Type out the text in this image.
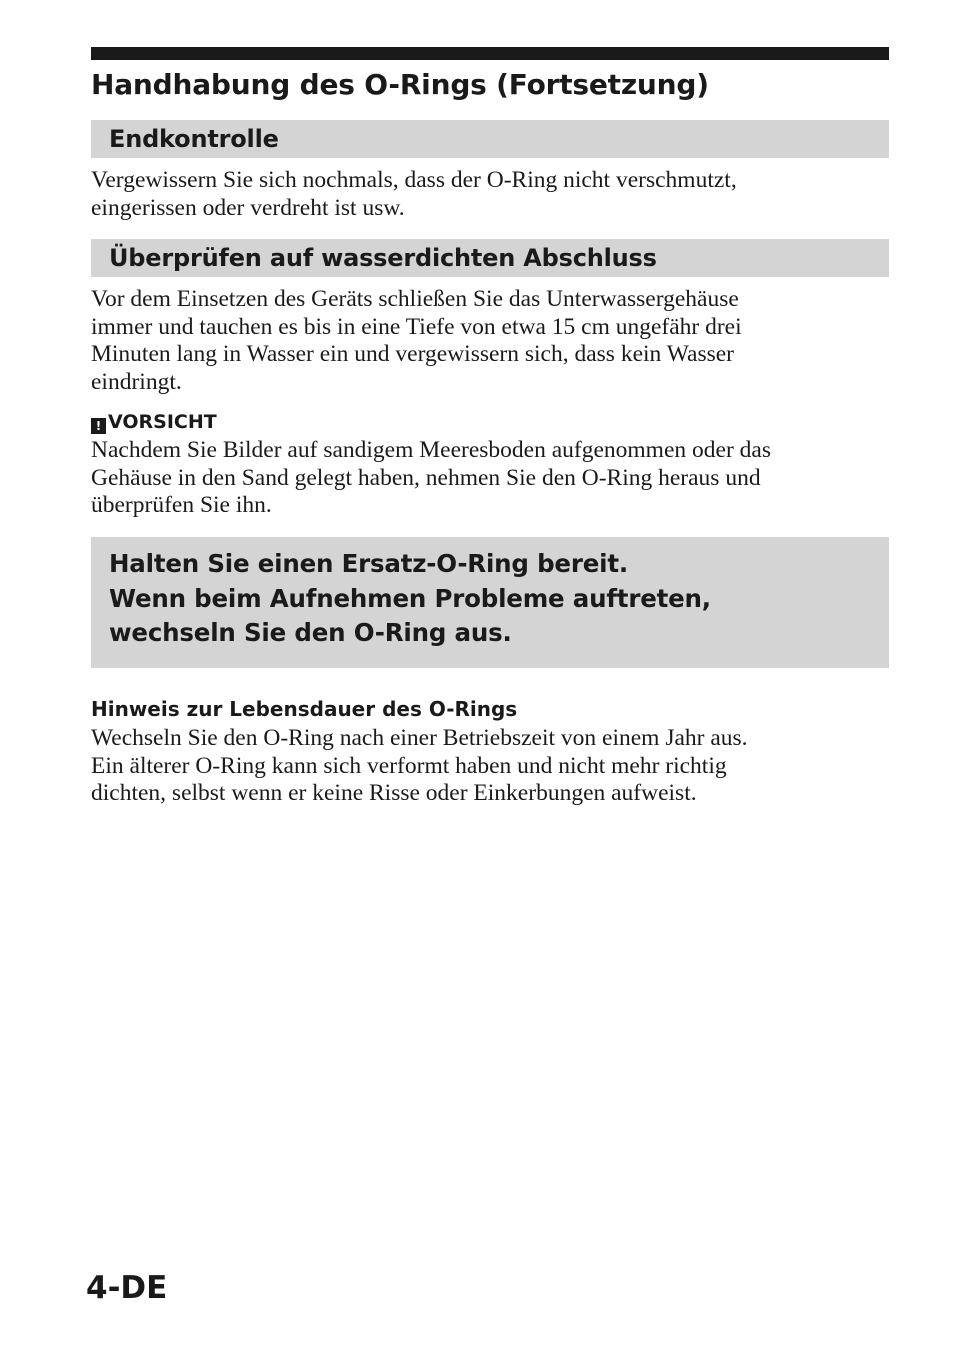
Handhabung des O-Rings (Fortsetzung)
Endkontrolle

Vergewissern Sie sich nochmals, dass der O-Ring nicht verschmutzt,
eingerissen oder verdreht ist usw.

Überprüfen auf wasserdichten Abschluss

Vor dem Einsetzen des Geräts schließen Sie das Unterwassergehäuse
immer und tauchen es bis in eine Tiefe von etwa 15 cm ungefähr drei
Minuten lang in Wasser ein und vergewissern sich, dass kein Wasser
eindringt.

! VORSICHT

Nachdem Sie Bilder auf sandigem Meeresboden aufgenommen oder das
Gehäuse in den Sand gelegt haben, nehmen Sie den O-Ring heraus und
überprüfen Sie ihn.

Halten Sie einen Ersatz-O-Ring bereit.

Wenn beim Aufnehmen Probleme auftreten,

wechseln Sie den O-Ring aus.

Hinweis zur Lebensdauer des O-Rings

Wechseln Sie den O-Ring nach einer Betriebszeit von einem Jahr aus.
Ein älterer O-Ring kann sich verformt haben und nicht mehr richtig
dichten, selbst wenn er keine Risse oder Einkerbungen aufweist.

4-DE
